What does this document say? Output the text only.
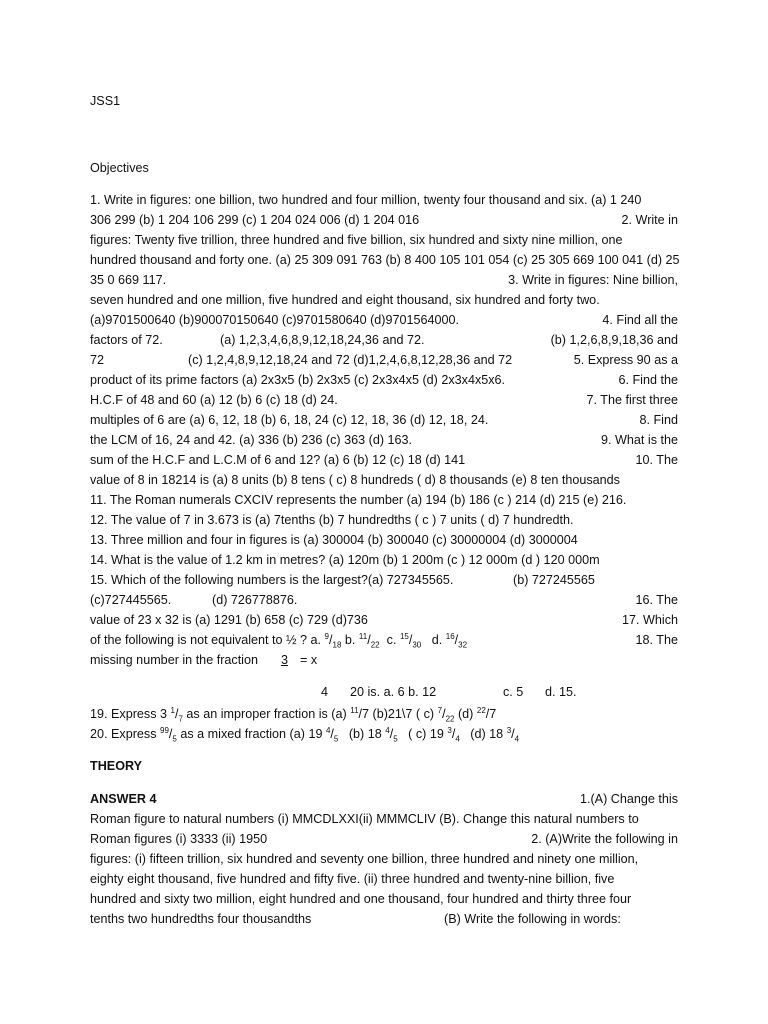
JSS1
Objectives
1. Write in figures: one billion, two hundred and four million, twenty four thousand and six. (a) 1 240
306 299 (b) 1 204 106 299 (c) 1 204 024 006 (d) 1 204 016	2. Write in
figures: Twenty five trillion, three hundred and five billion, six hundred and sixty nine million, one
hundred thousand and forty one. (a) 25 309 091 763 (b) 8 400 105 101 054 (c) 25 305 669 100 041 (d) 25
35 0 669 117.	3. Write in figures: Nine billion,
seven hundred and one million, five hundred and eight thousand, six hundred and forty two.
(a)9701500640 (b)900070150640 (c)9701580640 (d)9701564000.	4. Find all the
factors of 72.	(a) 1,2,3,4,6,8,9,12,18,24,36 and 72.	(b) 1,2,6,8,9,18,36 and
72	(c) 1,2,4,8,9,12,18,24 and 72 (d)1,2,4,6,8,12,28,36 and 72	5. Express 90 as a
product of its prime factors (a) 2x3x5 (b) 2x3x5 (c) 2x3x4x5 (d) 2x3x4x5x6.	6. Find the
H.C.F of 48 and 60 (a) 12 (b) 6 (c) 18 (d) 24.	7. The first three
multiples of 6 are (a) 6, 12, 18 (b) 6, 18, 24 (c) 12, 18, 36 (d) 12, 18, 24.	8. Find
the LCM of 16, 24 and 42. (a) 336 (b) 236 (c) 363 (d) 163.	9. What is the
sum of the H.C.F and L.C.M of 6 and 12? (a) 6 (b) 12 (c) 18 (d) 141	10. The
value of 8 in 18214 is (a) 8 units (b) 8 tens ( c) 8 hundreds ( d) 8 thousands (e) 8 ten thousands
11. The Roman numerals CXCIV represents the number (a) 194 (b) 186 (c ) 214 (d) 215 (e) 216.
12. The value of 7 in 3.673 is (a) 7tenths (b) 7 hundredths ( c ) 7 units ( d) 7 hundredth.
13. Three million and four in figures is (a) 300004 (b) 300040 (c) 30000004 (d) 3000004
14. What is the value of 1.2 km in metres? (a) 120m (b) 1 200m (c ) 12 000m (d ) 120 000m
15. Which of the following numbers is the largest?(a) 727345565.	(b) 727245565
(c)727445565.	(d) 726778876.	16. The
value of 23 x 32 is (a) 1291 (b) 658 (c) 729 (d)736	17. Which
of the following is not equivalent to ½ ? a. $^9/_{18}$ b. $^{11}/_{22}$ c. $^{15}/_{30}$ d. $^{16}/_{32}$	18. The
missing number in the fraction 3 = x
4 20 is. a. 6 b. 12	c. 5 d. 15.
19. Express 3 $^1/_7$ as an improper fraction is (a) $^{11}$/7 (b)21\7 ( c) $^7/_{22}$ (d) $^{22}$/7
20. Express $^{99}/_5$ as a mixed fraction (a) 19 $^4/_5$ (b) 18 $^4/_5$ ( c) 19 $^3/_4$ (d) 18 $^3/_4$
THEORY
ANSWER 4	1.(A) Change this
Roman figure to natural numbers (i) MMCDLXXI(ii) MMMCLIV (B). Change this natural numbers to
Roman figures (i) 3333 (ii) 1950	2. (A)Write the following in
figures: (i) fifteen trillion, six hundred and seventy one billion, three hundred and ninety one million,
eighty eight thousand, five hundred and fifty five. (ii) three hundred and twenty-nine billion, five
hundred and sixty two million, eight hundred and one thousand, four hundred and thirty three four
tenths two hundredths four thousandths	(B) Write the following in words:
